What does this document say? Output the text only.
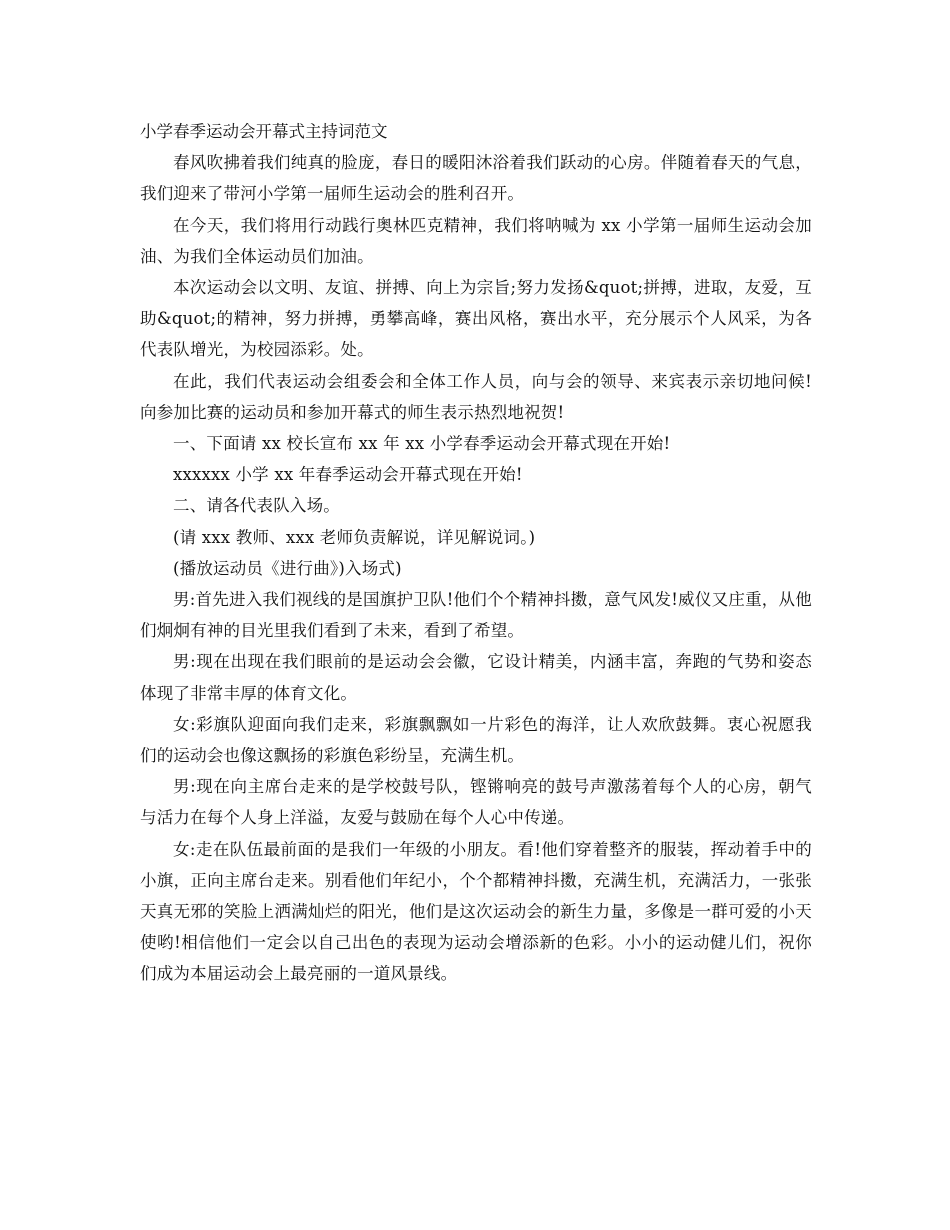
小学春季运动会开幕式主持词范文

春风吹拂着我们纯真的脸庞，春日的暖阳沐浴着我们跃动的心房。伴随着春天的气息，我们迎来了带河小学第一届师生运动会的胜利召开。

在今天，我们将用行动践行奥林匹克精神，我们将呐喊为 xx 小学第一届师生运动会加油、为我们全体运动员们加油。

本次运动会以文明、友谊、拼搏、向上为宗旨;努力发扬&quot;拼搏，进取，友爱，互助&quot;的精神，努力拼搏，勇攀高峰，赛出风格，赛出水平，充分展示个人风采，为各代表队增光，为校园添彩。处。

在此，我们代表运动会组委会和全体工作人员，向与会的领导、来宾表示亲切地问候!向参加比赛的运动员和参加开幕式的师生表示热烈地祝贺!

一、下面请 xx 校长宣布 xx 年 xx 小学春季运动会开幕式现在开始!

xxxxxx 小学 xx 年春季运动会开幕式现在开始!

二、请各代表队入场。

(请 xxx 教师、xxx 老师负责解说，详见解说词。)

(播放运动员《进行曲》)入场式)

男:首先进入我们视线的是国旗护卫队!他们个个精神抖擞，意气风发!威仪又庄重，从他们炯炯有神的目光里我们看到了未来，看到了希望。

男:现在出现在我们眼前的是运动会会徽，它设计精美，内涵丰富，奔跑的气势和姿态体现了非常丰厚的体育文化。

女:彩旗队迎面向我们走来，彩旗飘飘如一片彩色的海洋，让人欢欣鼓舞。衷心祝愿我们的运动会也像这飘扬的彩旗色彩纷呈，充满生机。

男:现在向主席台走来的是学校鼓号队，铿锵响亮的鼓号声激荡着每个人的心房，朝气与活力在每个人身上洋溢，友爱与鼓励在每个人心中传递。

女:走在队伍最前面的是我们一年级的小朋友。看!他们穿着整齐的服装，挥动着手中的小旗，正向主席台走来。别看他们年纪小，个个都精神抖擞，充满生机，充满活力，一张张天真无邪的笑脸上洒满灿烂的阳光，他们是这次运动会的新生力量，多像是一群可爱的小天使哟!相信他们一定会以自己出色的表现为运动会增添新的色彩。小小的运动健儿们，祝你们成为本届运动会上最亮丽的一道风景线。
